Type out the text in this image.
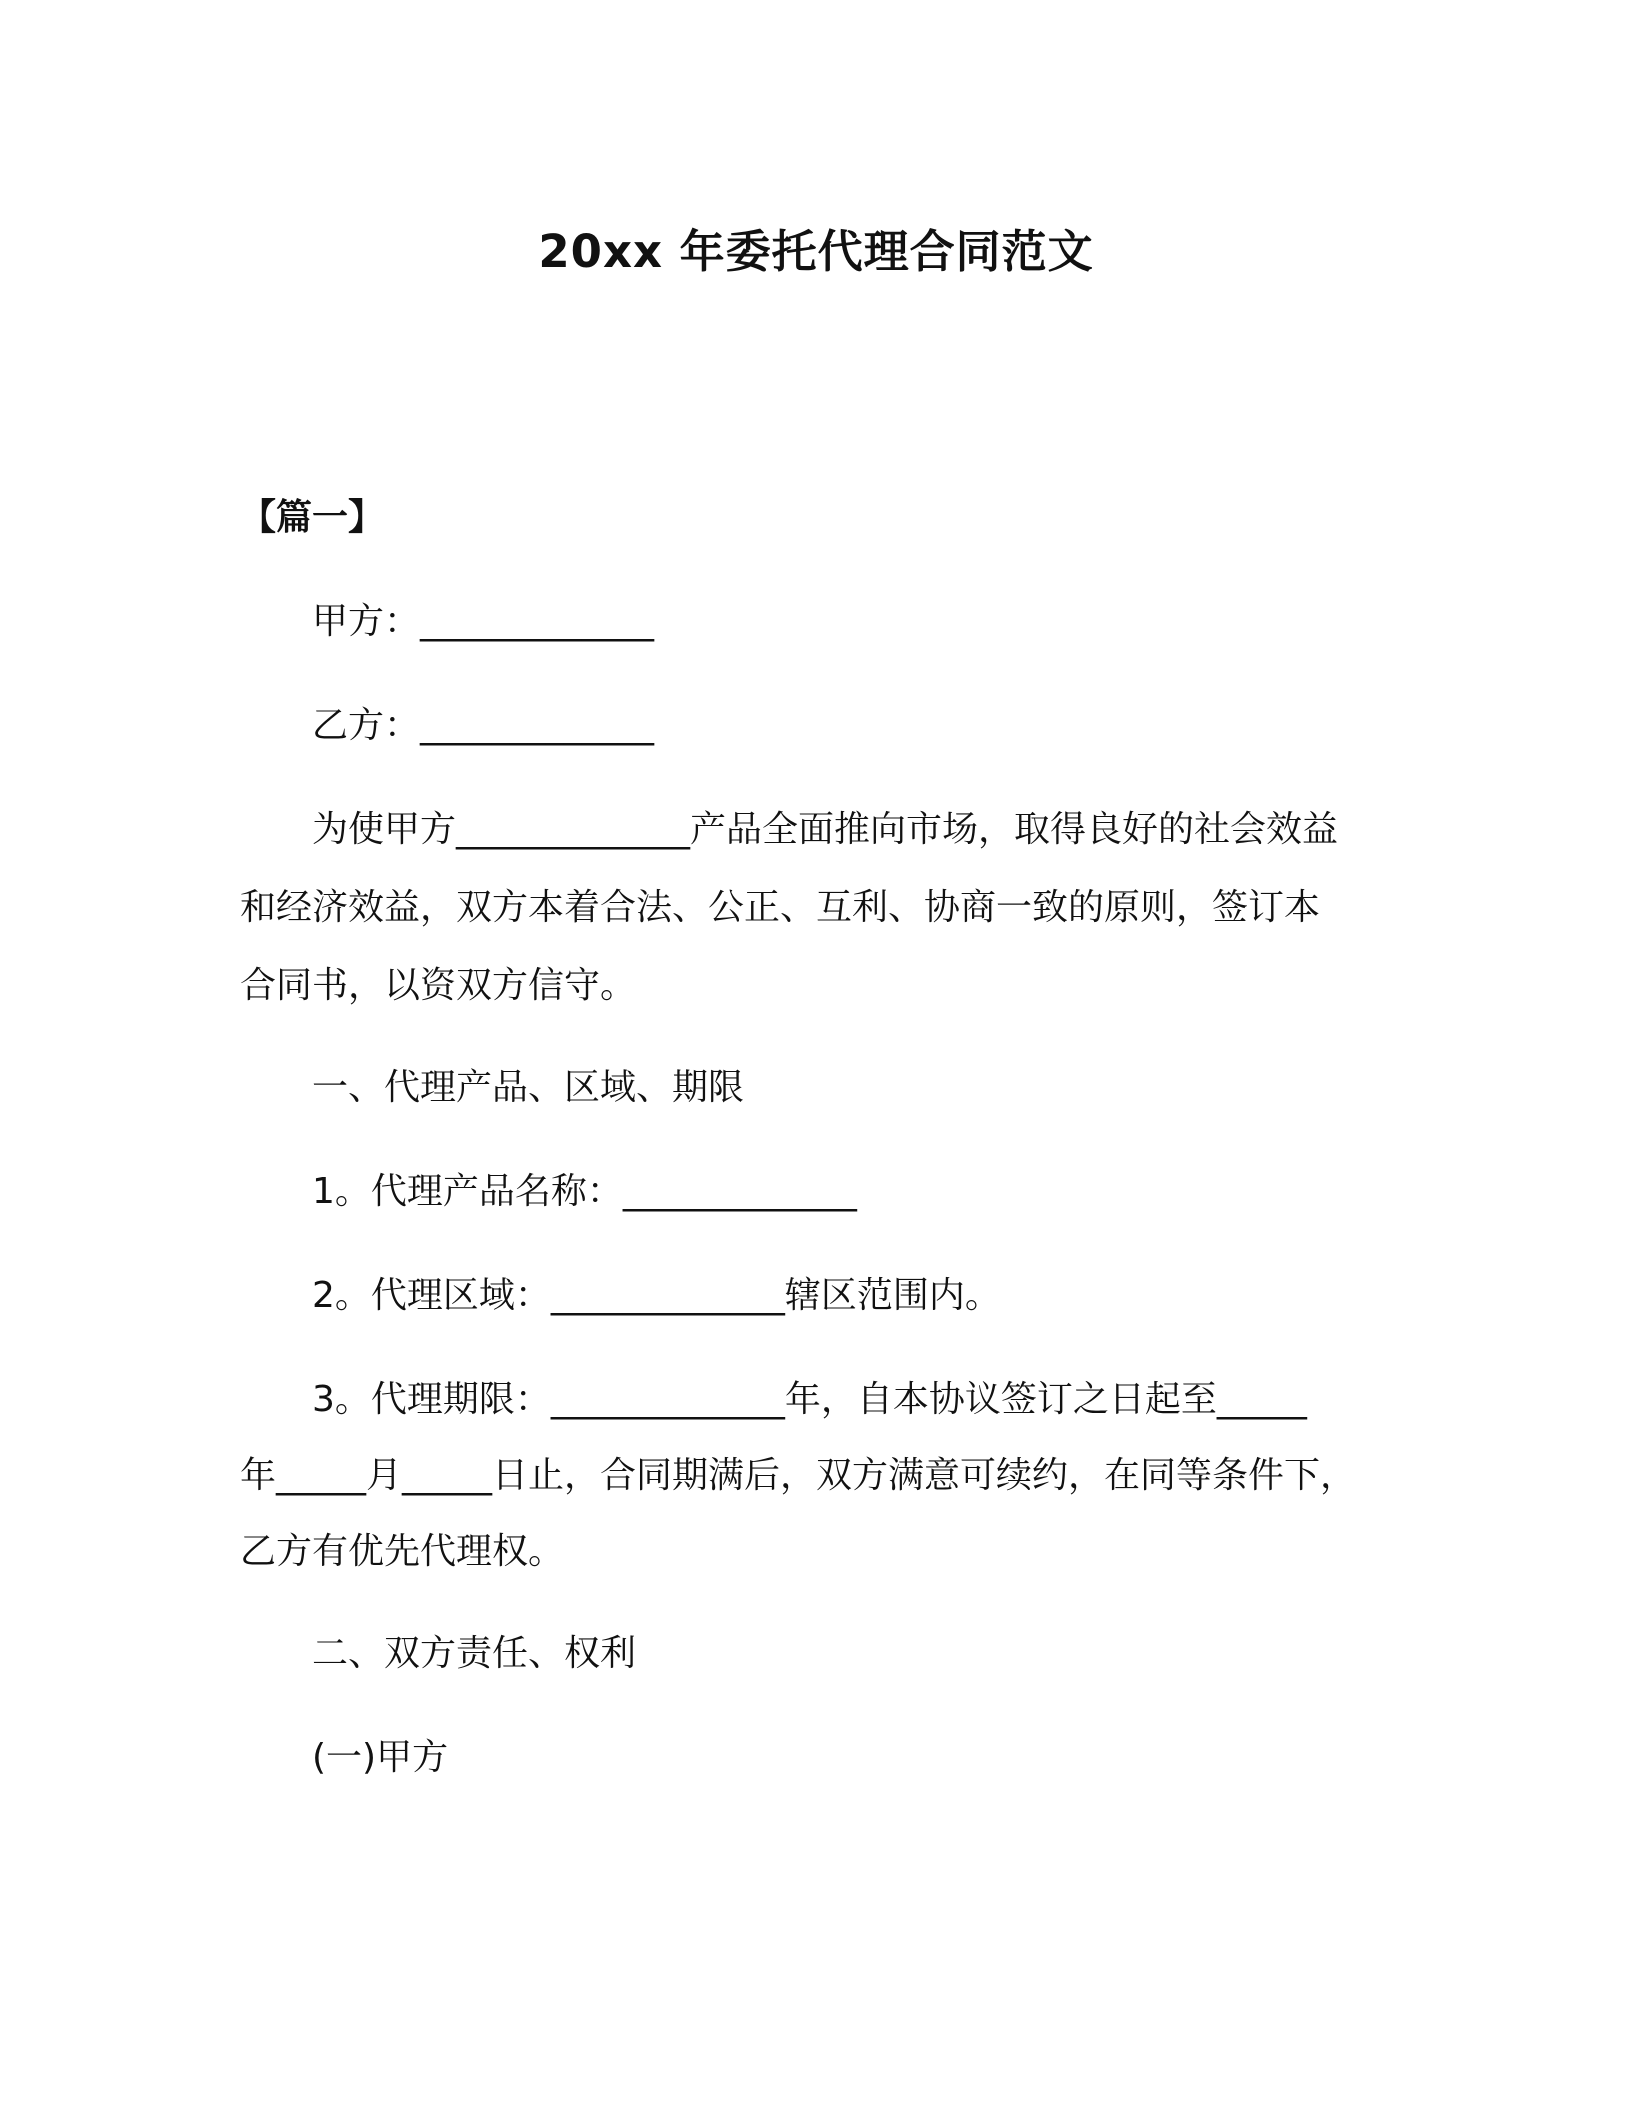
20xx 年委托代理合同范文
【篇一】
甲方：_____________
乙方：_____________
为使甲方_____________产品全面推向市场，取得良好的社会效益
和经济效益，双方本着合法、公正、互利、协商一致的原则，签订本
合同书，以资双方信守。
一、代理产品、区域、期限
1。代理产品名称：_____________
2。代理区域：_____________辖区范围内。
3。代理期限：_____________年，自本协议签订之日起至_____
年_____月_____日止，合同期满后，双方满意可续约，在同等条件下，
乙方有优先代理权。
二、双方责任、权利
(一)甲方
